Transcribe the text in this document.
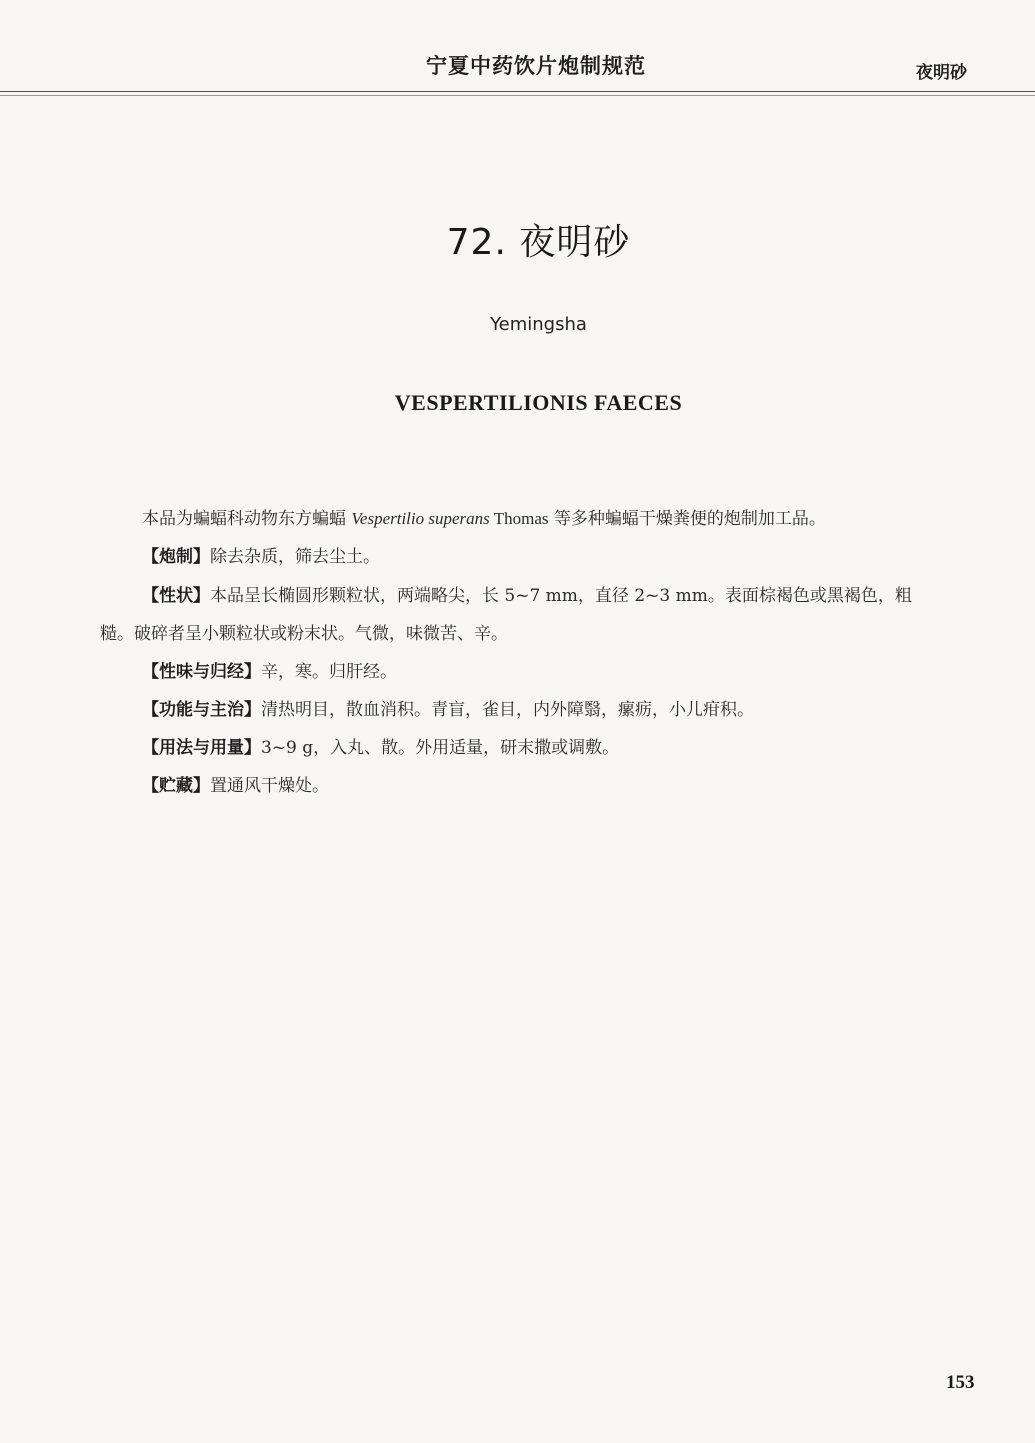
宁夏中药饮片炮制规范	夜明砂
72. 夜明砂
Yemingsha
VESPERTILIONIS FAECES
本品为蝙蝠科动物东方蝙蝠 Vespertilio superans Thomas 等多种蝙蝠干燥粪便的炮制加工品。
【炮制】除去杂质，筛去尘土。
【性状】本品呈长椭圆形颗粒状，两端略尖，长 5~7 mm，直径 2~3 mm。表面棕褐色或黑褐色，粗
糙。破碎者呈小颗粒状或粉末状。气微，味微苦、辛。
【性味与归经】辛，寒。归肝经。
【功能与主治】清热明目，散血消积。青盲，雀目，内外障翳，瘰疬，小儿疳积。
【用法与用量】3~9 g，入丸、散。外用适量，研末撒或调敷。
【贮藏】置通风干燥处。
153
